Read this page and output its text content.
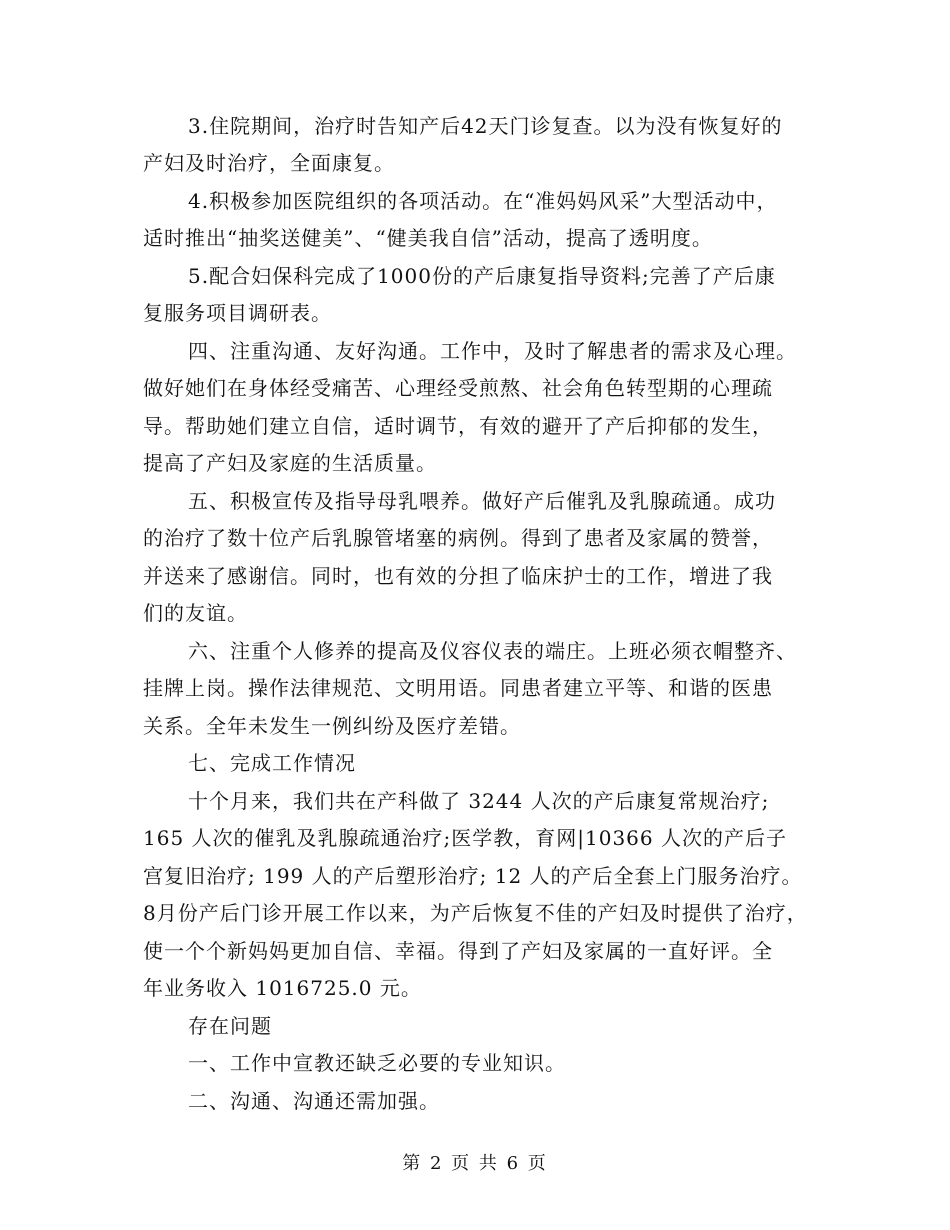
3.住院期间，治疗时告知产后42天门诊复查。以为没有恢复好的
产妇及时治疗，全面康复。
4.积极参加医院组织的各项活动。在“准妈妈风采”大型活动中，
适时推出“抽奖送健美”、“健美我自信”活动，提高了透明度。
5.配合妇保科完成了1000份的产后康复指导资料;完善了产后康
复服务项目调研表。
四、注重沟通、友好沟通。工作中，及时了解患者的需求及心理。
做好她们在身体经受痛苦、心理经受煎熬、社会角色转型期的心理疏
导。帮助她们建立自信，适时调节，有效的避开了产后抑郁的发生，
提高了产妇及家庭的生活质量。
五、积极宣传及指导母乳喂养。做好产后催乳及乳腺疏通。成功
的治疗了数十位产后乳腺管堵塞的病例。得到了患者及家属的赞誉，
并送来了感谢信。同时，也有效的分担了临床护士的工作，增进了我
们的友谊。
六、注重个人修养的提高及仪容仪表的端庄。上班必须衣帽整齐、
挂牌上岗。操作法律规范、文明用语。同患者建立平等、和谐的医患
关系。全年未发生一例纠纷及医疗差错。
七、完成工作情况
十个月来，我们共在产科做了 3244 人次的产后康复常规治疗;
165 人次的催乳及乳腺疏通治疗;医学教，育网|10366 人次的产后子
宫复旧治疗; 199 人的产后塑形治疗; 12 人的产后全套上门服务治疗。
8月份产后门诊开展工作以来，为产后恢复不佳的产妇及时提供了治疗，
使一个个新妈妈更加自信、幸福。得到了产妇及家属的一直好评。全
年业务收入 1016725.0 元。
存在问题
一、工作中宣教还缺乏必要的专业知识。
二、沟通、沟通还需加强。
第 2 页 共 6 页
